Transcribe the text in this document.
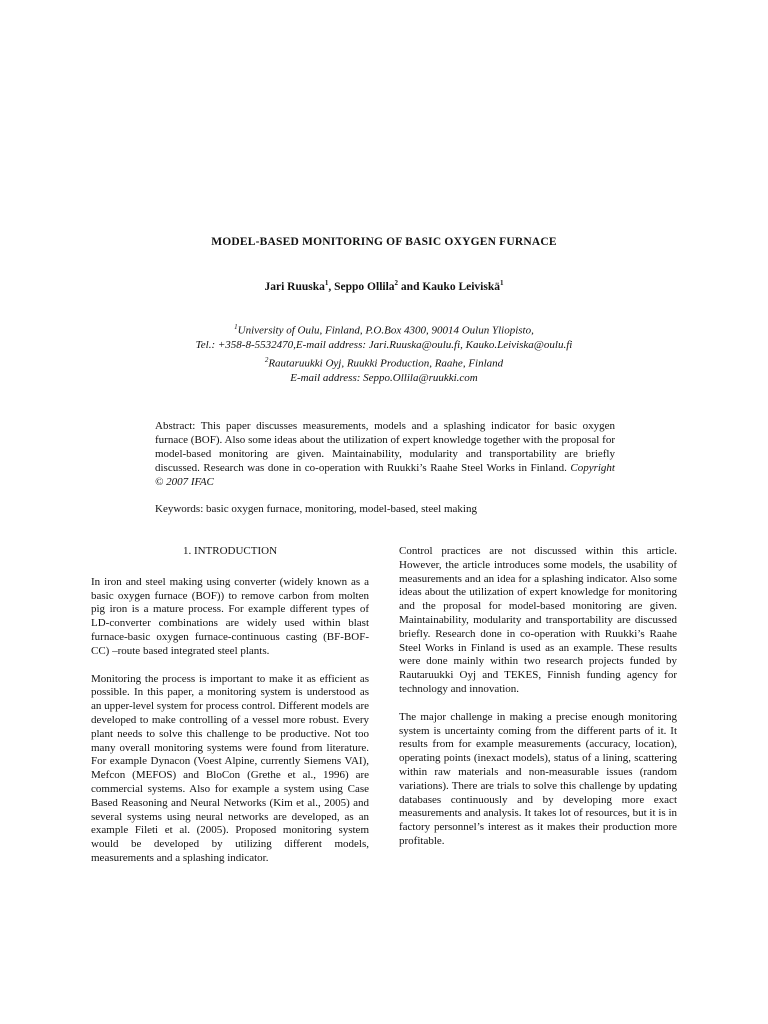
MODEL-BASED MONITORING OF BASIC OXYGEN FURNACE
Jari Ruuska$^1$, Seppo Ollila$^2$ and Kauko Leiviskä$^1$
$^1$University of Oulu, Finland, P.O.Box 4300, 90014 Oulun Yliopisto,
Tel.: +358-8-5532470,E-mail address: Jari.Ruuska@oulu.fi, Kauko.Leiviska@oulu.fi
$^2$Rautaruukki Oyj, Ruukki Production, Raahe, Finland
E-mail address: Seppo.Ollila@ruukki.com
Abstract: This paper discusses measurements, models and a splashing indicator for basic oxygen furnace (BOF). Also some ideas about the utilization of expert knowledge together with the proposal for model-based monitoring are given. Maintainability, modularity and transportability are briefly discussed. Research was done in co-operation with Ruukki’s Raahe Steel Works in Finland. Copyright © 2007 IFAC
Keywords: basic oxygen furnace, monitoring, model-based, steel making
1. INTRODUCTION

In iron and steel making using converter (widely known as a basic oxygen furnace (BOF)) to remove carbon from molten pig iron is a mature process. For example different types of LD-converter combinations are widely used within blast furnace-basic oxygen furnace-continuous casting (BF-BOF-CC) –route based integrated steel plants.

Monitoring the process is important to make it as efficient as possible. In this paper, a monitoring system is understood as an upper-level system for process control. Different models are developed to make controlling of a vessel more robust. Every plant needs to solve this challenge to be productive. Not too many overall monitoring systems were found from literature. For example Dynacon (Voest Alpine, currently Siemens VAI), Mefcon (MEFOS) and BloCon (Grethe et al., 1996) are commercial systems. Also for example a system using Case Based Reasoning and Neural Networks (Kim et al., 2005) and several systems using neural networks are developed, as an example Fileti et al. (2005). Proposed monitoring system would be developed by utilizing different models, measurements and a splashing indicator.

Control practices are not discussed within this article. However, the article introduces some models, the usability of measurements and an idea for a splashing indicator. Also some ideas about the utilization of expert knowledge for monitoring and the proposal for model-based monitoring are given. Maintainability, modularity and transportability are discussed briefly. Research done in co-operation with Ruukki’s Raahe Steel Works in Finland is used as an example. These results were done mainly within two research projects funded by Rautaruukki Oyj and TEKES, Finnish funding agency for technology and innovation.

The major challenge in making a precise enough monitoring system is uncertainty coming from the different parts of it. It results from for example measurements (accuracy, location), operating points (inexact models), status of a lining, scattering within raw materials and non-measurable issues (random variations). There are trials to solve this challenge by updating databases continuously and by developing more exact measurements and analysis. It takes lot of resources, but it is in factory personnel’s interest as it makes their production more profitable.
